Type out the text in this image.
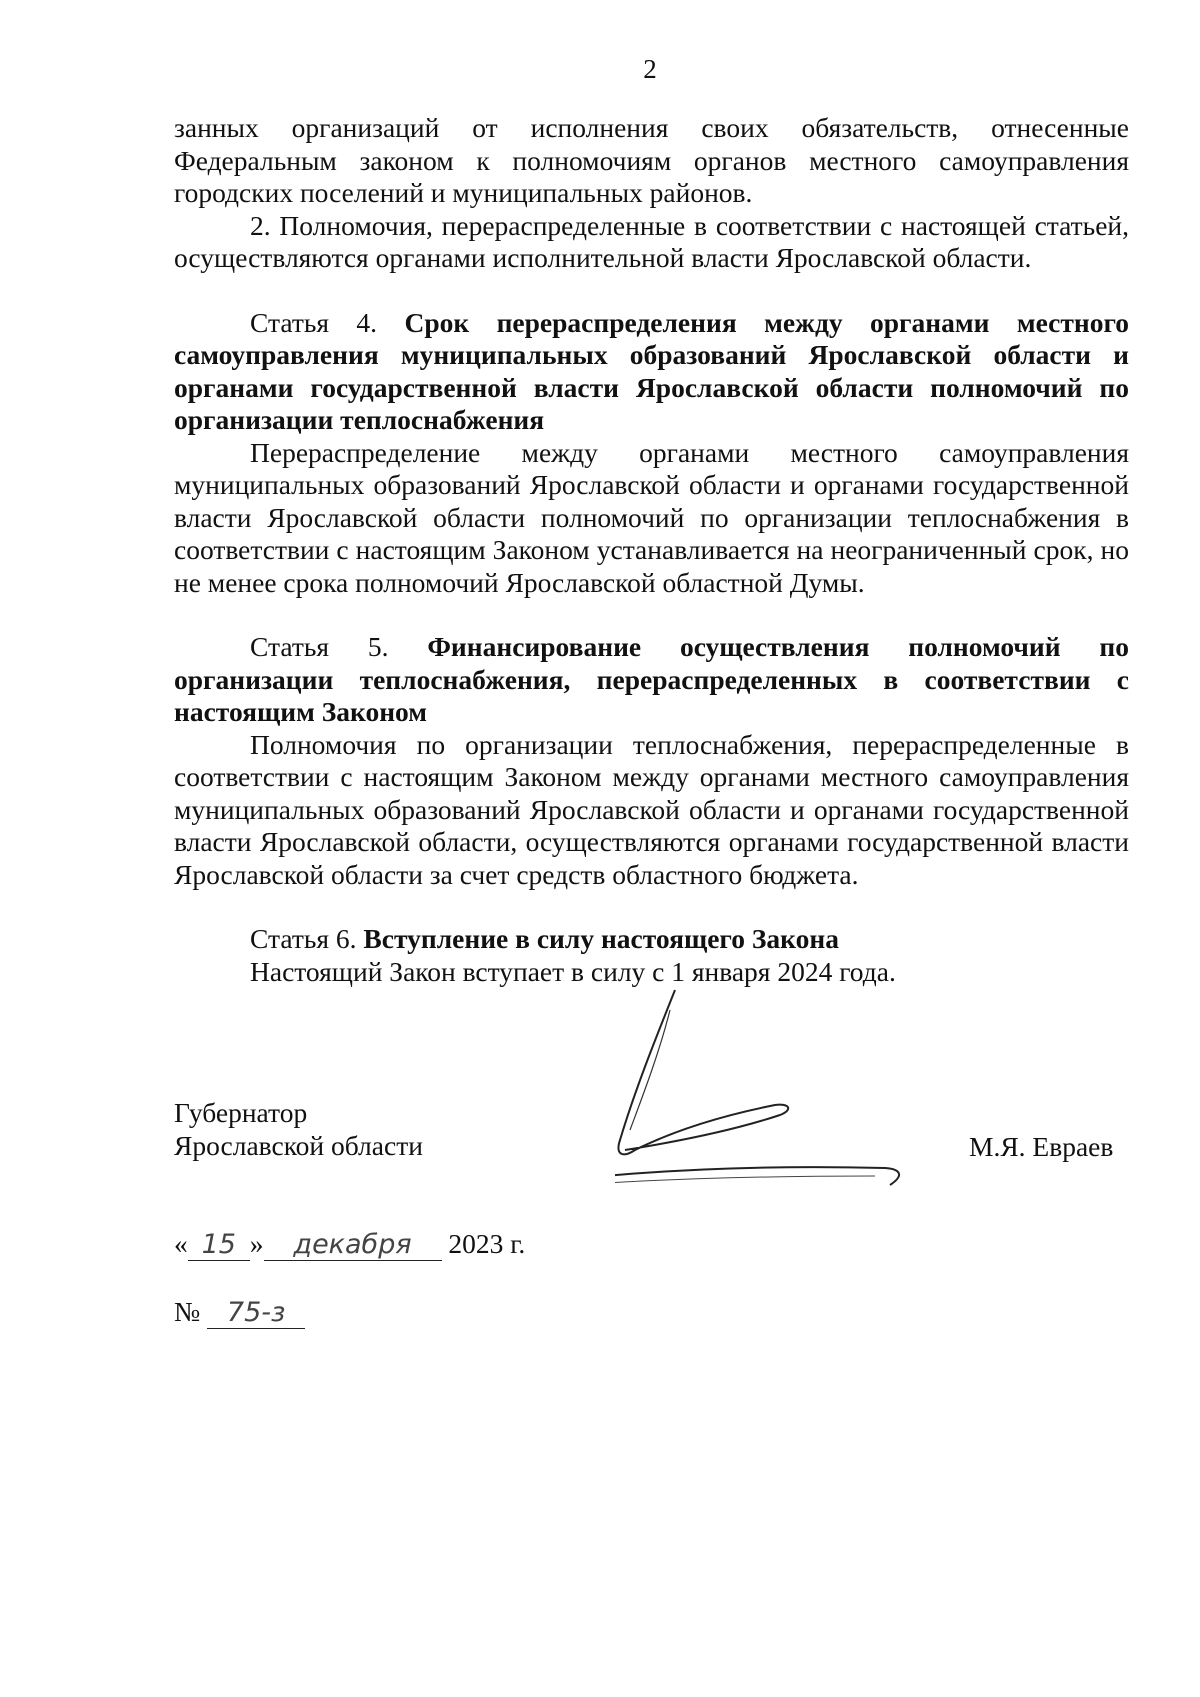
2

занных организаций от исполнения своих обязательств, отнесенные Федеральным законом к полномочиям органов местного самоуправления городских поселений и муниципальных районов.

2. Полномочия, перераспределенные в соответствии с настоящей статьей, осуществляются органами исполнительной власти Ярославской области.

Статья 4. Срок перераспределения между органами местного самоуправления муниципальных образований Ярославской области и органами государственной власти Ярославской области полномочий по организации теплоснабжения

Перераспределение между органами местного самоуправления муниципальных образований Ярославской области и органами государственной власти Ярославской области полномочий по организации теплоснабжения в соответствии с настоящим Законом устанавливается на неограниченный срок, но не менее срока полномочий Ярославской областной Думы.

Статья 5. Финансирование осуществления полномочий по организации теплоснабжения, перераспределенных в соответствии с настоящим Законом

Полномочия по организации теплоснабжения, перераспределенные в соответствии с настоящим Законом между органами местного самоуправления муниципальных образований Ярославской области и органами государственной власти Ярославской области, осуществляются органами государственной власти Ярославской области за счет средств областного бюджета.

Статья 6. Вступление в силу настоящего Закона

Настоящий Закон вступает в силу с 1 января 2024 года.

Губернатор
Ярославской области	М.Я. Евраев
« 15 » декабря 2023 г.
№ 75-з
